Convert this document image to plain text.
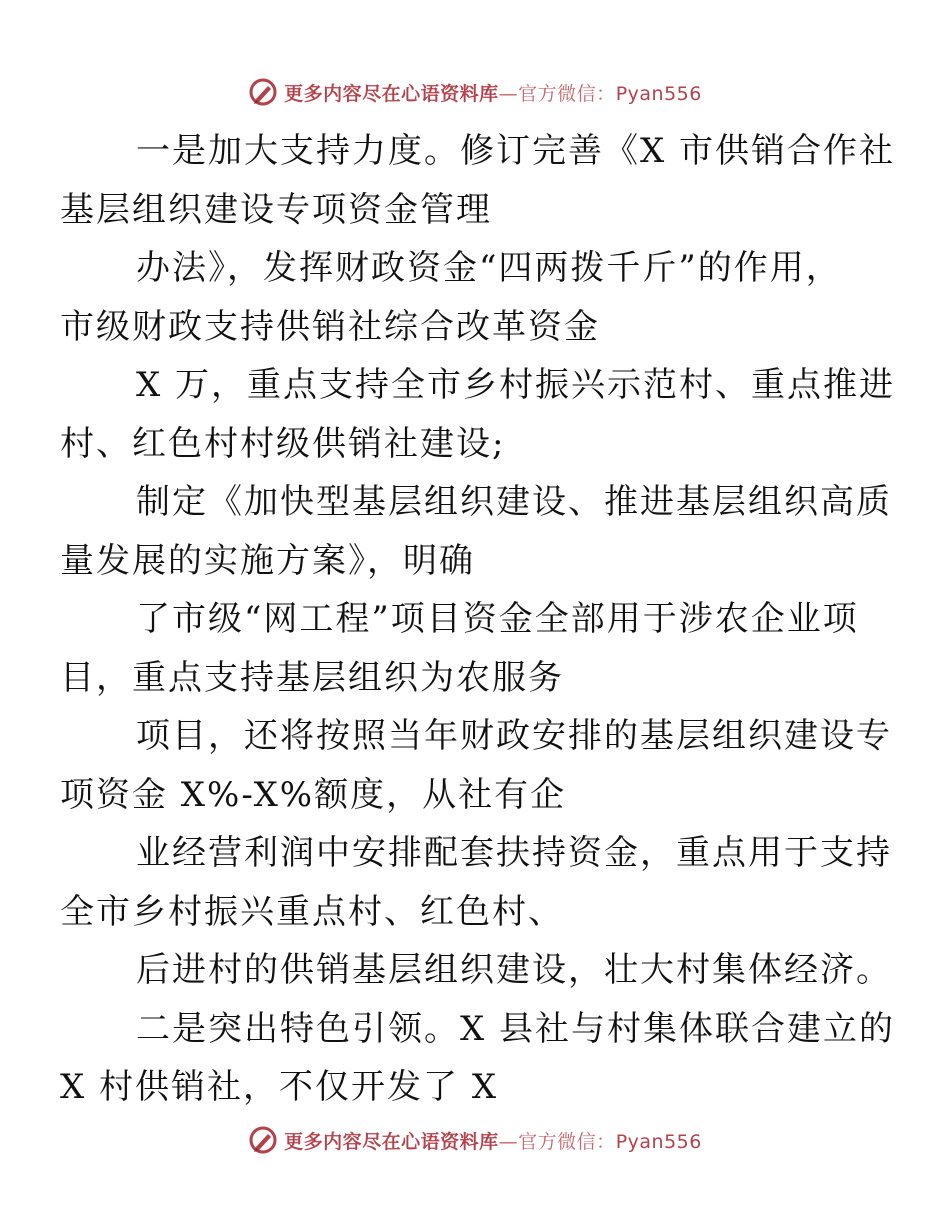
更多内容尽在心语资料库—官方微信：Pyan556

一是加大支持力度。修订完善《X 市供销合作社
基层组织建设专项资金管理

办法》，发挥财政资金“四两拨千斤”的作用，
市级财政支持供销社综合改革资金

X 万，重点支持全市乡村振兴示范村、重点推进
村、红色村村级供销社建设;

制定《加快型基层组织建设、推进基层组织高质
量发展的实施方案》，明确

了市级“网工程”项目资金全部用于涉农企业项
目，重点支持基层组织为农服务

项目，还将按照当年财政安排的基层组织建设专
项资金 X%-X%额度，从社有企

业经营利润中安排配套扶持资金，重点用于支持
全市乡村振兴重点村、红色村、

后进村的供销基层组织建设，壮大村集体经济。

二是突出特色引领。X 县社与村集体联合建立的
X 村供销社，不仅开发了 X

更多内容尽在心语资料库—官方微信：Pyan556
